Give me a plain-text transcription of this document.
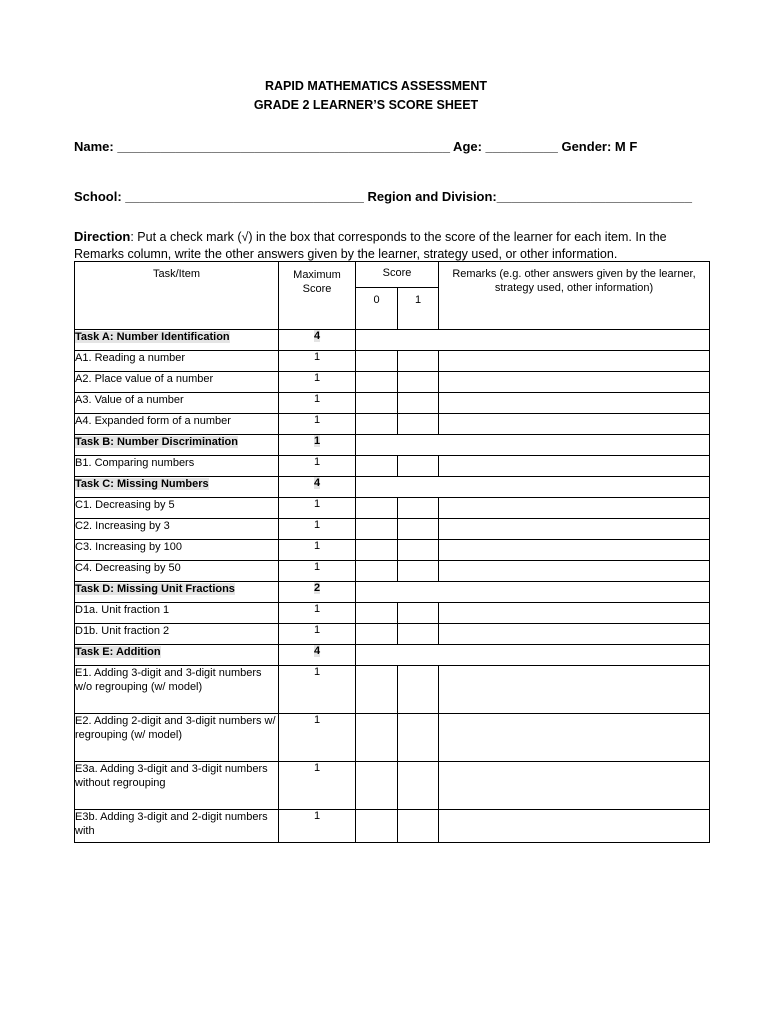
RAPID MATHEMATICS ASSESSMENT
GRADE 2 LEARNER’S SCORE SHEET
Name: ______________________________________________ Age: __________ Gender: M F
School: _________________________________ Region and Division:___________________________
Direction: Put a check mark (√) in the box that corresponds to the score of the learner for each item. In the Remarks column, write the other answers given by the learner, strategy used, or other information.
Task/Item	Maximum Score	Score		Remarks (e.g. other answers given by the learner, strategy used, other information)
		0	1	
Task A: Number Identification	4			
A1. Reading a number	1			
A2. Place value of a number	1			
A3. Value of a number	1			
A4. Expanded form of a number	1			
Task B: Number Discrimination	1			
B1. Comparing numbers	1			
Task C: Missing Numbers	4			
C1. Decreasing by 5	1			
C2. Increasing by 3	1			
C3. Increasing by 100	1			
C4. Decreasing by 50	1			
Task D: Missing Unit Fractions	2			
D1a. Unit fraction 1	1			
D1b. Unit fraction 2	1			
Task E: Addition	4			
E1. Adding 3-digit and 3-digit numbers w/o regrouping (w/ model)	1			
E2. Adding 2-digit and 3-digit numbers w/ regrouping (w/ model)	1			
E3a. Adding 3-digit and 3-digit numbers without regrouping	1			
E3b. Adding 3-digit and 2-digit numbers with	1			
